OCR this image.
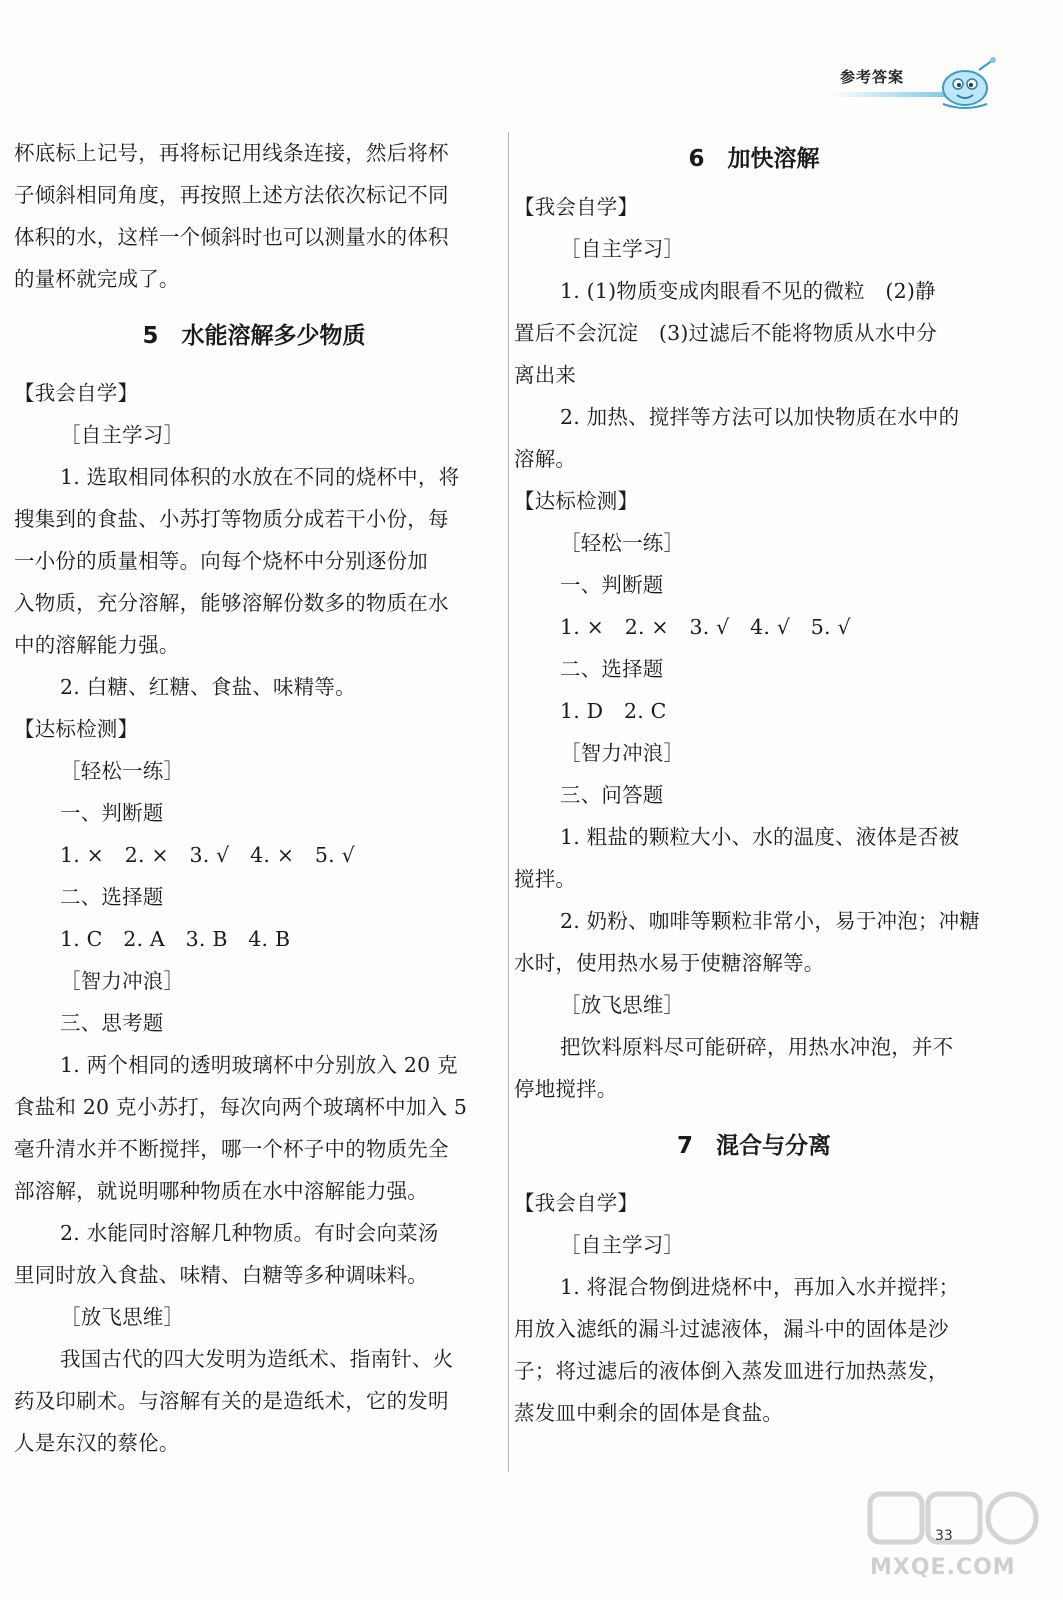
参考答案
杯底标上记号，再将标记用线条连接，然后将杯
子倾斜相同角度，再按照上述方法依次标记不同
体积的水，这样一个倾斜时也可以测量水的体积
的量杯就完成了。
5　水能溶解多少物质
【我会自学】
［自主学习］
1. 选取相同体积的水放在不同的烧杯中，将
搜集到的食盐、小苏打等物质分成若干小份，每
一小份的质量相等。向每个烧杯中分别逐份加
入物质，充分溶解，能够溶解份数多的物质在水
中的溶解能力强。
2. 白糖、红糖、食盐、味精等。
【达标检测】
［轻松一练］
一、判断题
1. ×　2. ×　3. √　4. ×　5. √
二、选择题
1. C　2. A　3. B　4. B
［智力冲浪］
三、思考题
1. 两个相同的透明玻璃杯中分别放入 20 克
食盐和 20 克小苏打，每次向两个玻璃杯中加入 5
毫升清水并不断搅拌，哪一个杯子中的物质先全
部溶解，就说明哪种物质在水中溶解能力强。
2. 水能同时溶解几种物质。有时会向菜汤
里同时放入食盐、味精、白糖等多种调味料。
［放飞思维］
我国古代的四大发明为造纸术、指南针、火
药及印刷术。与溶解有关的是造纸术，它的发明
人是东汉的蔡伦。
6　加快溶解
【我会自学】
［自主学习］
1. (1)物质变成肉眼看不见的微粒　(2)静
置后不会沉淀　(3)过滤后不能将物质从水中分
离出来
2. 加热、搅拌等方法可以加快物质在水中的
溶解。
【达标检测】
［轻松一练］
一、判断题
1. ×　2. ×　3. √　4. √　5. √
二、选择题
1. D　2. C
［智力冲浪］
三、问答题
1. 粗盐的颗粒大小、水的温度、液体是否被
搅拌。
2. 奶粉、咖啡等颗粒非常小，易于冲泡；冲糖
水时，使用热水易于使糖溶解等。
［放飞思维］
把饮料原料尽可能研碎，用热水冲泡，并不
停地搅拌。
7　混合与分离
【我会自学】
［自主学习］
1. 将混合物倒进烧杯中，再加入水并搅拌；
用放入滤纸的漏斗过滤液体，漏斗中的固体是沙
子；将过滤后的液体倒入蒸发皿进行加热蒸发，
蒸发皿中剩余的固体是食盐。
33
MXQE.COM
